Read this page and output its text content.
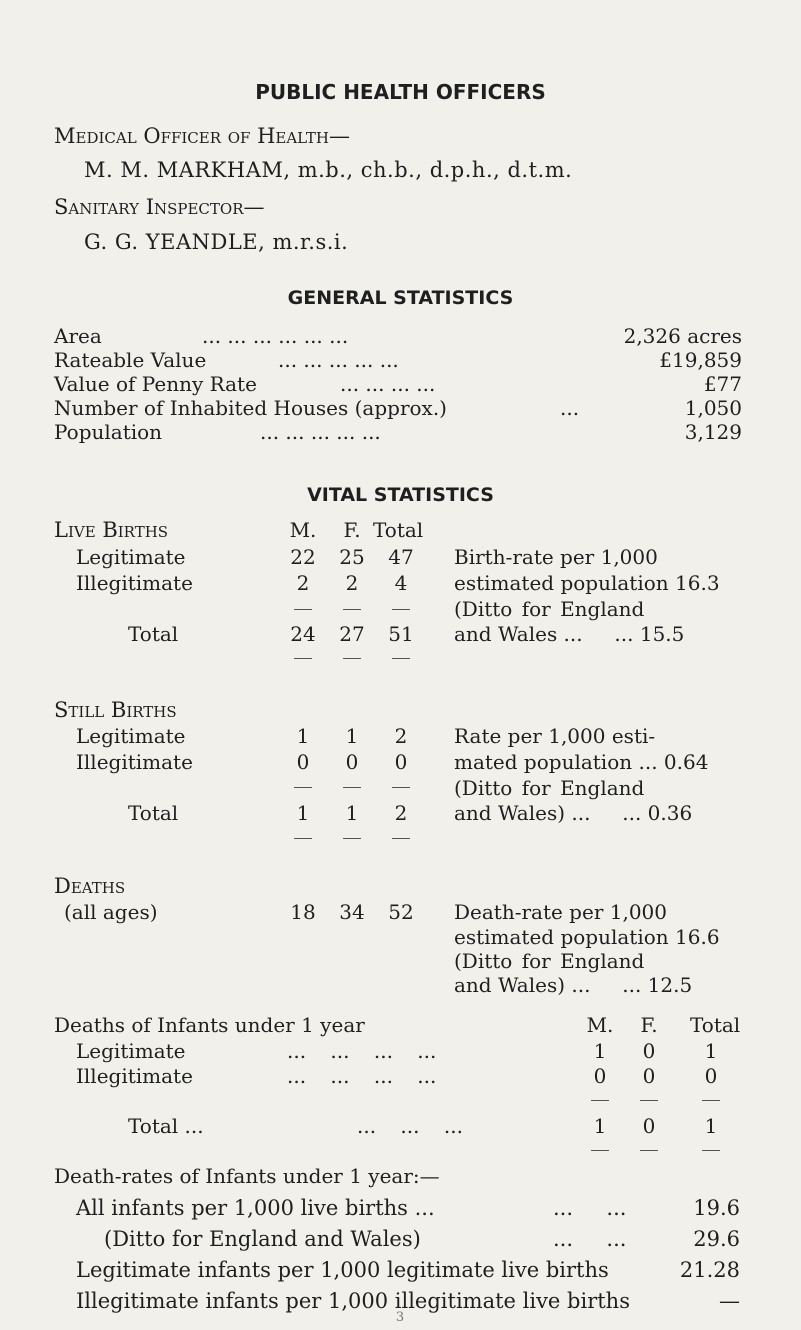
PUBLIC HEALTH OFFICERS
Medical Officer of Health—
M. M. MARKHAM, m.b., ch.b., d.p.h., d.t.m.
Sanitary Inspector—
G. G. YEANDLE, m.r.s.i.
GENERAL STATISTICS
Area	... ... ... ... ... ...	2,326 acres
Rateable Value	... ... ... ... ...	£19,859
Value of Penny Rate	... ... ... ...	£77
Number of Inhabited Houses (approx.)	...	1,050
Population	... ... ... ... ...	3,129
VITAL STATISTICS
Live Births	M.	F. Total
Legitimate	22	25	47
Illegitimate	2	2	4
Total	24	27	51
Birth-rate per 1,000
estimated population 16.3
(Ditto for England
and Wales ...     ... 15.5
Still Births
Legitimate	1	1	2
Illegitimate	0	0	0
Total	1	1	2
Rate per 1,000 esti-
mated population ... 0.64
(Ditto for England
and Wales) ...     ... 0.36
Deaths
(all ages)	18	34	52	Death-rate per 1,000
estimated population 16.6
(Ditto for England
and Wales) ...     ... 12.5
Deaths of Infants under 1 year	M.	F.	Total
Legitimate	... ... ... ...	1	0	1
Illegitimate	... ... ... ...	0	0	0
Total ...	... ... ...	1	0	1
Death-rates of Infants under 1 year:—
All infants per 1,000 live births ...	...     ...	19.6
(Ditto for England and Wales)	...     ...	29.6
Legitimate infants per 1,000 legitimate live births	21.28
Illegitimate infants per 1,000 illegitimate live births	—
3
